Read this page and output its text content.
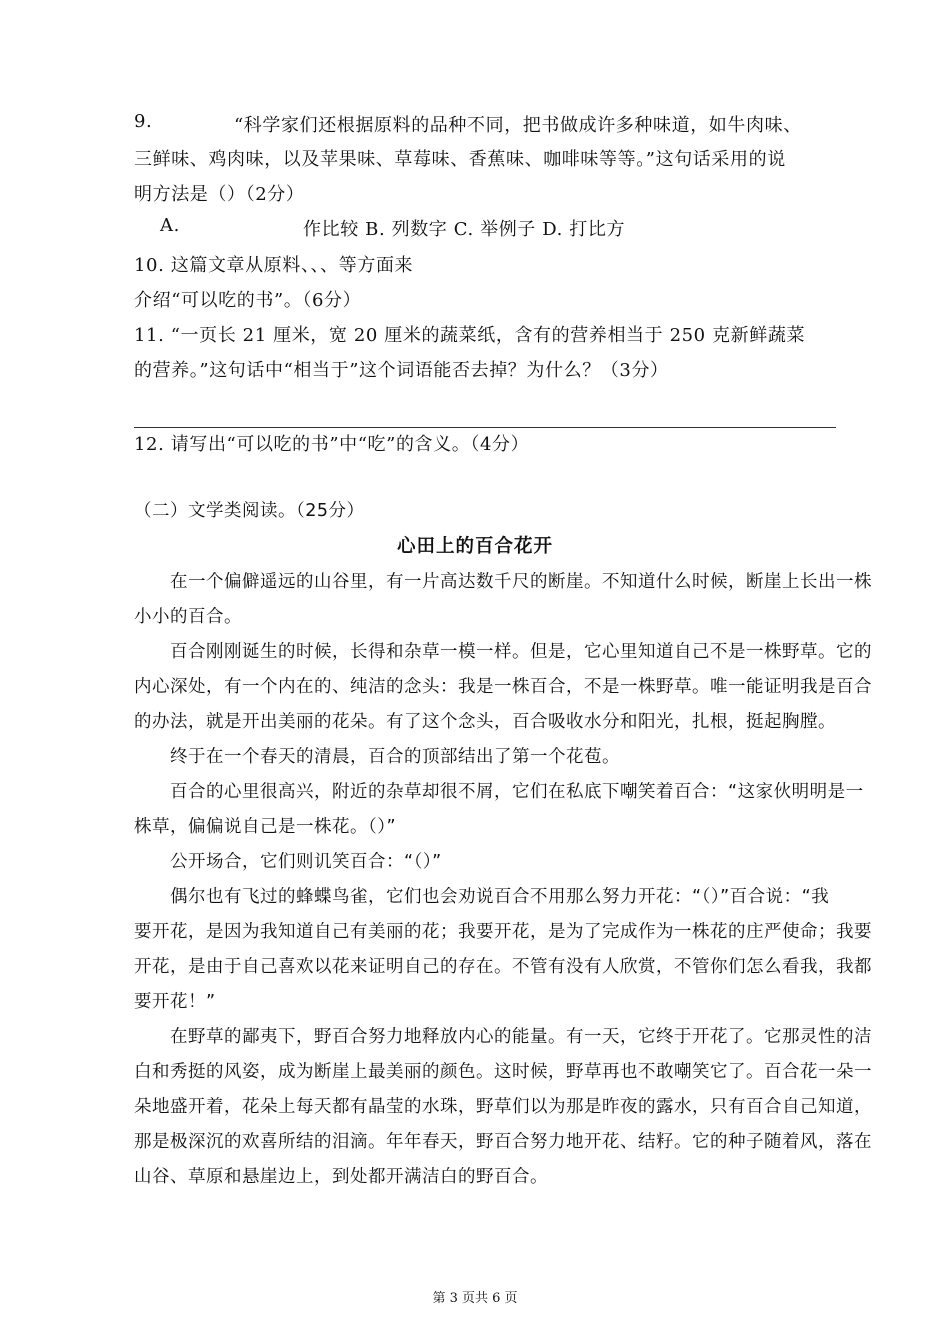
9.	“科学家们还根据原料的品种不同，把书做成许多种味道，如牛肉味、
三鲜味、鸡肉味，以及苹果味、草莓味、香蕉味、咖啡味等等。”这句话采用的说
明方法是（）（2分）
A.	作比较 B. 列数字 C. 举例子 D. 打比方
10. 这篇文章从原料、、、等方面来
介绍“可以吃的书”。（6分）
11. “一页长 21 厘米，宽 20 厘米的蔬菜纸，含有的营养相当于 250 克新鲜蔬菜
的营养。”这句话中“相当于”这个词语能否去掉？为什么？（3分）
12. 请写出“可以吃的书”中“吃”的含义。（4分）
（二）文学类阅读。（25分）
心田上的百合花开
在一个偏僻遥远的山谷里，有一片高达数千尺的断崖。不知道什么时候，断崖上长出一株
小小的百合。
百合刚刚诞生的时候，长得和杂草一模一样。但是，它心里知道自己不是一株野草。它的
内心深处，有一个内在的、纯洁的念头：我是一株百合，不是一株野草。唯一能证明我是百合
的办法，就是开出美丽的花朵。有了这个念头，百合吸收水分和阳光，扎根，挺起胸膛。
终于在一个春天的清晨，百合的顶部结出了第一个花苞。
百合的心里很高兴，附近的杂草却很不屑，它们在私底下嘲笑着百合：“这家伙明明是一
株草，偏偏说自己是一株花。（）”
公开场合，它们则讥笑百合：“（）”
偶尔也有飞过的蜂蝶鸟雀，它们也会劝说百合不用那么努力开花：“（）”百合说：“我
要开花，是因为我知道自己有美丽的花；我要开花，是为了完成作为一株花的庄严使命；我要
开花，是由于自己喜欢以花来证明自己的存在。不管有没有人欣赏，不管你们怎么看我，我都
要开花！”
在野草的鄙夷下，野百合努力地释放内心的能量。有一天，它终于开花了。它那灵性的洁
白和秀挺的风姿，成为断崖上最美丽的颜色。这时候，野草再也不敢嘲笑它了。百合花一朵一
朵地盛开着，花朵上每天都有晶莹的水珠，野草们以为那是昨夜的露水，只有百合自己知道，
那是极深沉的欢喜所结的泪滴。年年春天，野百合努力地开花、结籽。它的种子随着风，落在
山谷、草原和悬崖边上，到处都开满洁白的野百合。
第 3 页共 6 页
